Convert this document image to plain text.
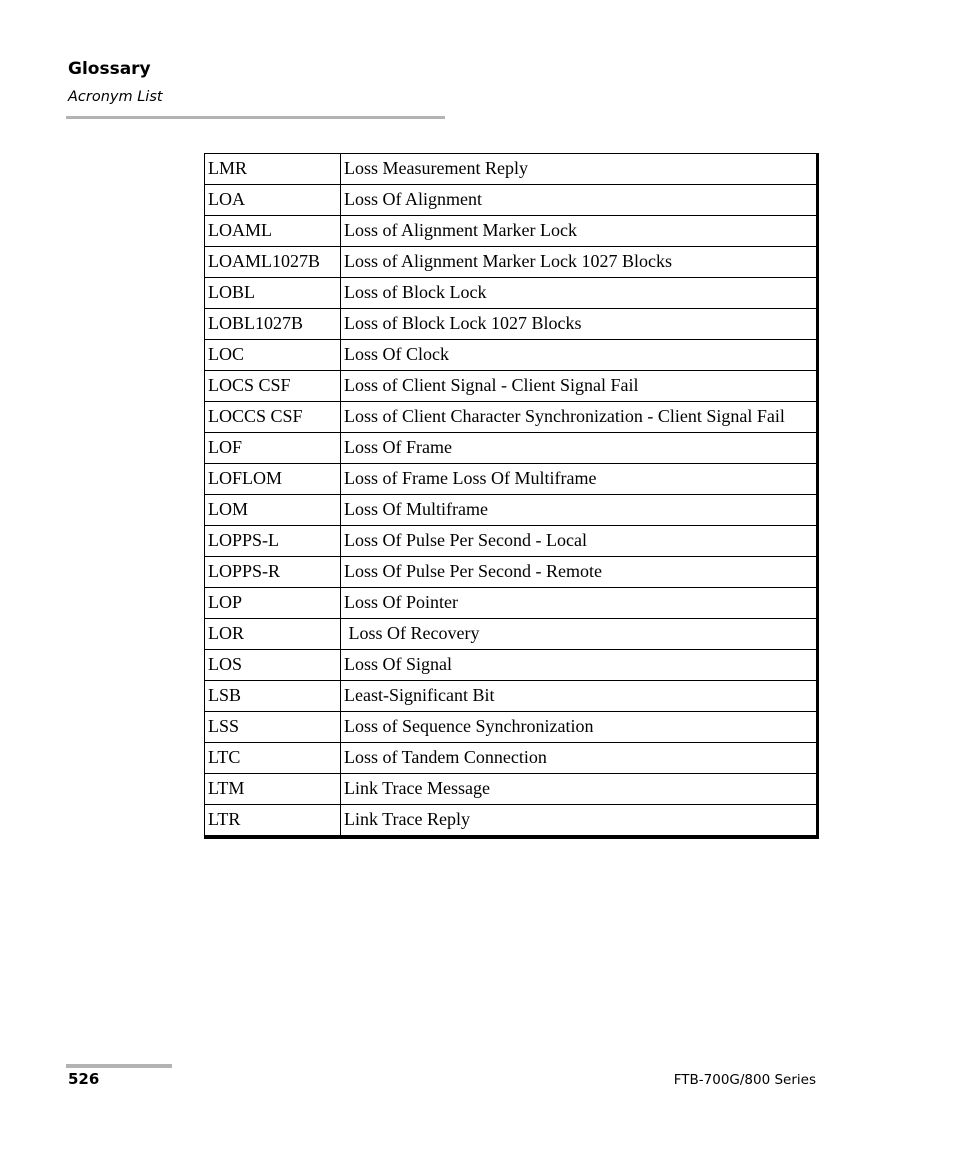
Glossary
Acronym List
LMR	Loss Measurement Reply
LOA	Loss Of Alignment
LOAML	Loss of Alignment Marker Lock
LOAML1027B	Loss of Alignment Marker Lock 1027 Blocks
LOBL	Loss of Block Lock
LOBL1027B	Loss of Block Lock 1027 Blocks
LOC	Loss Of Clock
LOCS CSF	Loss of Client Signal - Client Signal Fail
LOCCS CSF	Loss of Client Character Synchronization - Client Signal Fail
LOF	Loss Of Frame
LOFLOM	Loss of Frame Loss Of Multiframe
LOM	Loss Of Multiframe
LOPPS-L	Loss Of Pulse Per Second - Local
LOPPS-R	Loss Of Pulse Per Second - Remote
LOP	Loss Of Pointer
LOR	Loss Of Recovery
LOS	Loss Of Signal
LSB	Least-Significant Bit
LSS	Loss of Sequence Synchronization
LTC	Loss of Tandem Connection
LTM	Link Trace Message
LTR	Link Trace Reply
526	FTB-700G/800 Series
